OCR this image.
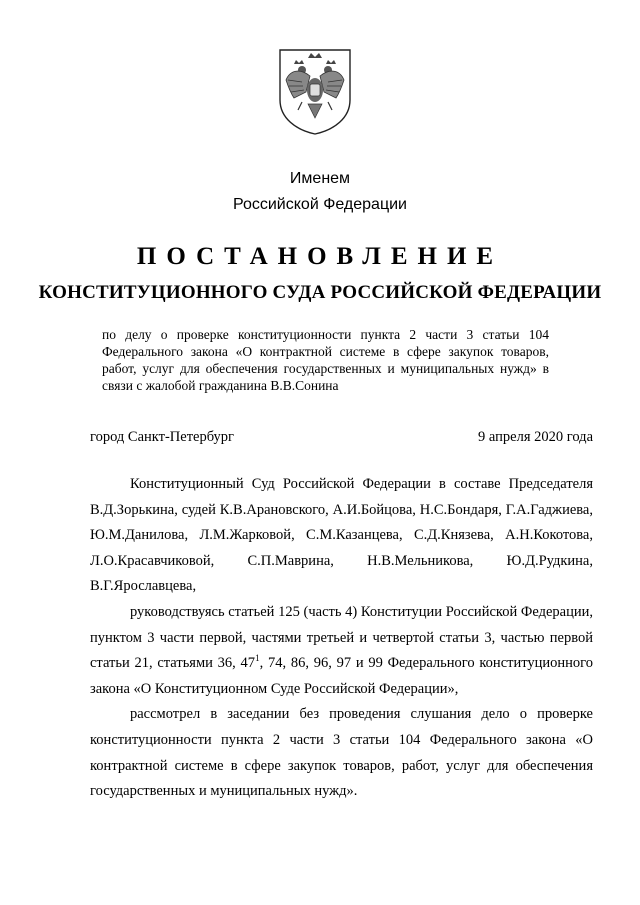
Именем
Российской Федерации
ПОСТАНОВЛЕНИЕ
КОНСТИТУЦИОННОГО СУДА РОССИЙСКОЙ ФЕДЕРАЦИИ
по делу о проверке конституционности пункта 2 части 3 статьи 104 Федерального закона «О контрактной системе в сфере закупок товаров, работ, услуг для обеспечения государственных и муниципальных нужд» в связи с жалобой гражданина В.В.Сонина
город Санкт-Петербург	9 апреля 2020 года

Конституционный Суд Российской Федерации в составе Председателя В.Д.Зорькина, судей К.В.Арановского, А.И.Бойцова, Н.С.Бондаря, Г.А.Гаджиева, Ю.М.Данилова, Л.М.Жарковой, С.М.Казанцева, С.Д.Князева, А.Н.Кокотова, Л.О.Красавчиковой, С.П.Маврина, Н.В.Мельникова, Ю.Д.Рудкина, В.Г.Ярославцева,

руководствуясь статьей 125 (часть 4) Конституции Российской Федерации, пунктом 3 части первой, частями третьей и четвертой статьи 3, частью первой статьи 21, статьями 36, $47^1$, 74, 86, 96, 97 и 99 Федерального конституционного закона «О Конституционном Суде Российской Федерации»,

рассмотрел в заседании без проведения слушания дело о проверке конституционности пункта 2 части 3 статьи 104 Федерального закона «О контрактной системе в сфере закупок товаров, работ, услуг для обеспечения государственных и муниципальных нужд».
